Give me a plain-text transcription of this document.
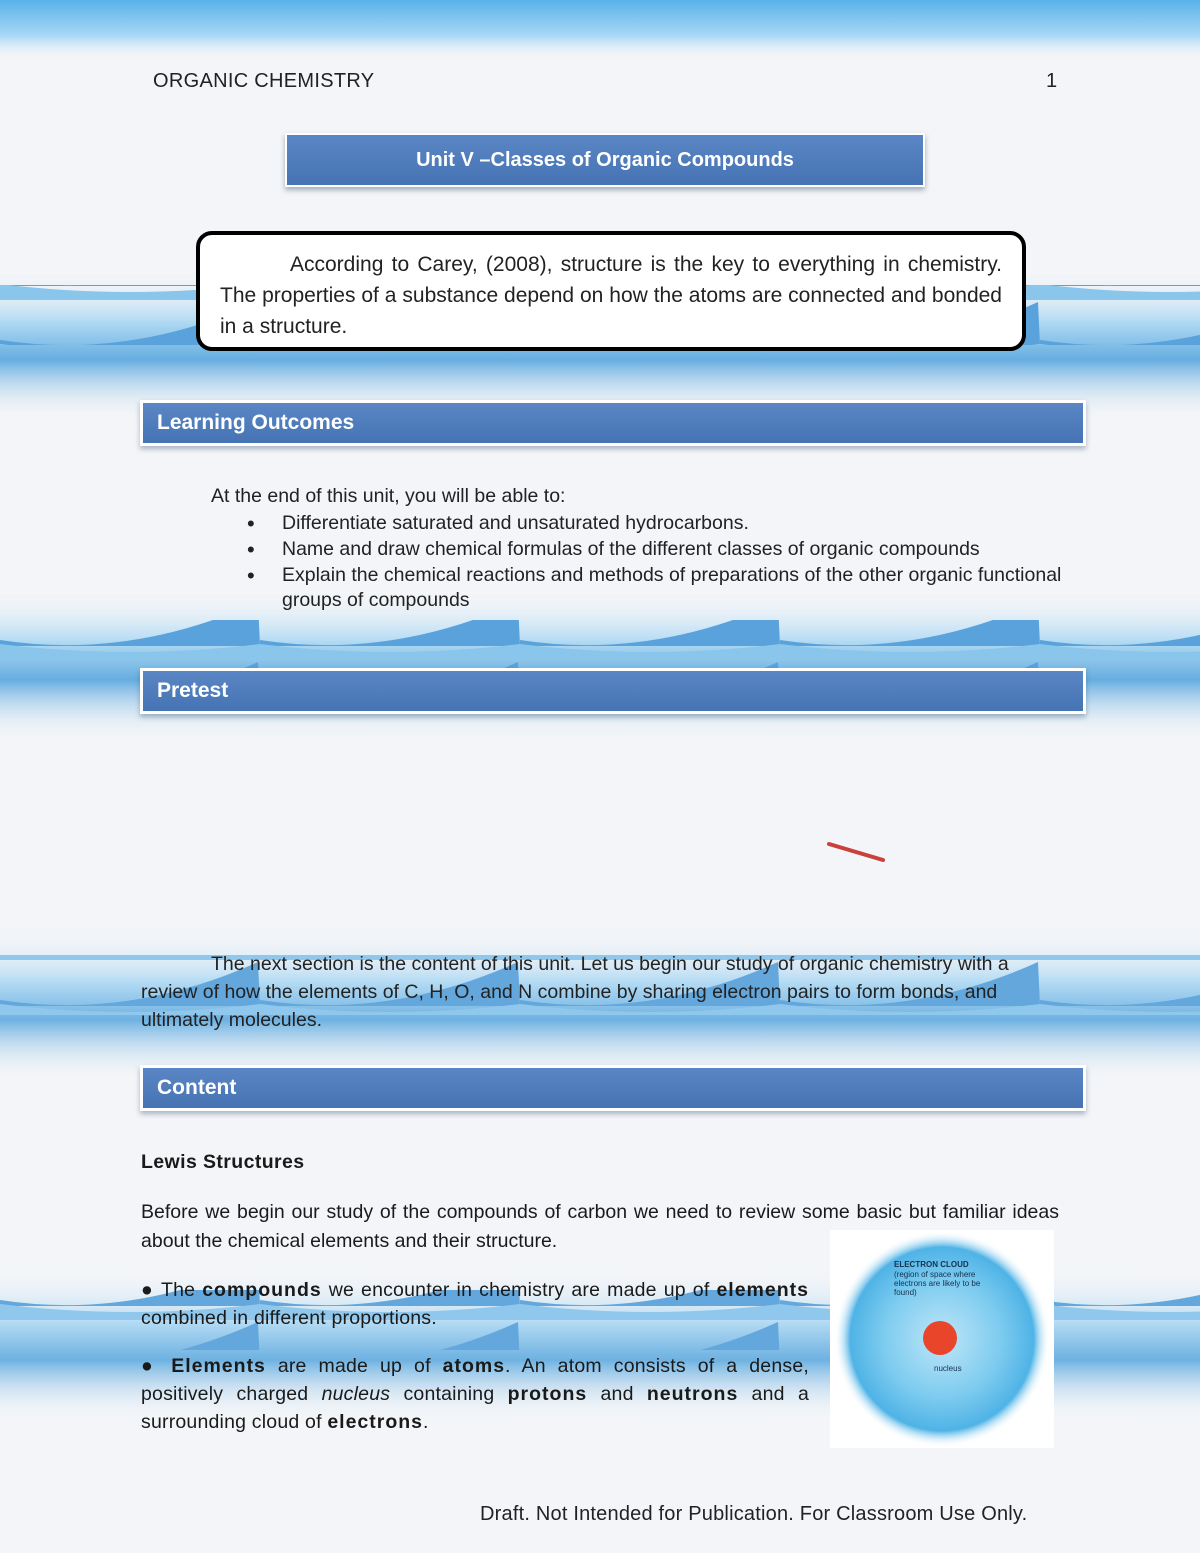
ORGANIC CHEMISTRY	1
Unit V –Classes of Organic Compounds

According to Carey, (2008), structure is the key to everything in chemistry. The properties of a substance depend on how the atoms are connected and bonded in a structure.

Learning Outcomes

At the end of this unit, you will be able to:

• Differentiate saturated and unsaturated hydrocarbons.
• Name and draw chemical formulas of the different classes of organic compounds
• Explain the chemical reactions and methods of preparations of the other organic functional groups of compounds
Pretest

The next section is the content of this unit. Let us begin our study of organic chemistry with a review of how the elements of C, H, O, and N combine by sharing electron pairs to form bonds, and ultimately molecules.

Content
Lewis Structures
Before we begin our study of the compounds of carbon we need to review some basic but familiar ideas about the chemical elements and their structure.
● The compounds we encounter in chemistry are made up of elements combined in different proportions.
● Elements are made up of atoms. An atom consists of a dense, positively charged nucleus containing protons and neutrons and a surrounding cloud of electrons.
ELECTRON CLOUD
(region of space where electrons are likely to be found)
nucleus
Draft. Not Intended for Publication. For Classroom Use Only.
